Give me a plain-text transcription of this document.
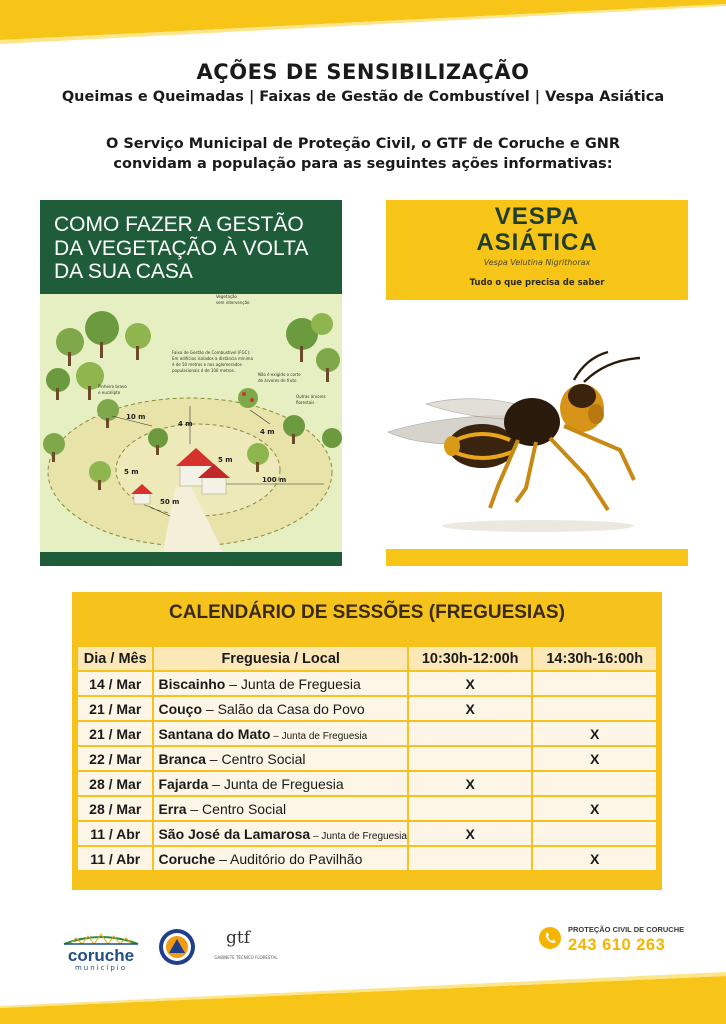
AÇÕES DE SENSIBILIZAÇÃO
Queimas e Queimadas | Faixas de Gestão de Combustível | Vespa Asiática
O Serviço Municipal de Proteção Civil, o GTF de Coruche e GNR
convidam a população para as seguintes ações informativas:
COMO FAZER A GESTÃO
DA VEGETAÇÃO À VOLTA
DA SUA CASA
10 m
4 m
4 m
5 m
5 m
50 m
100 m
Vegetação
sem intervenção
Faixa de Gestão de Combustível (FGC):
Em edifícios isolados a distância mínima
é de 50 metros e nos aglomerados
populacionais é de 100 metros.
Pinheiro bravo
e eucalipto
Não é exigido o corte
de árvores de fruto
Outras árvores
florestais
VESPA
ASIÁTICA
Vespa Velutina Nigrithorax
Tudo o que precisa de saber
CALENDÁRIO DE SESSÕES (FREGUESIAS)
Dia / Mês	Freguesia / Local	10:30h-12:00h	14:30h-16:00h
14 / Mar	Biscainho – Junta de Freguesia	X	
21 / Mar	Couço – Salão da Casa do Povo	X	
21 / Mar	Santana do Mato – Junta de Freguesia		X
22 / Mar	Branca – Centro Social		X
28 / Mar	Fajarda – Junta de Freguesia	X	
28 / Mar	Erra – Centro Social		X
11 / Abr	São José da Lamarosa – Junta de Freguesia	X	
11 / Abr	Coruche – Auditório do Pavilhão		X
coruche
município
gtf
GABINETE TÉCNICO FLORESTAL
PROTEÇÃO CIVIL DE CORUCHE
243 610 263
